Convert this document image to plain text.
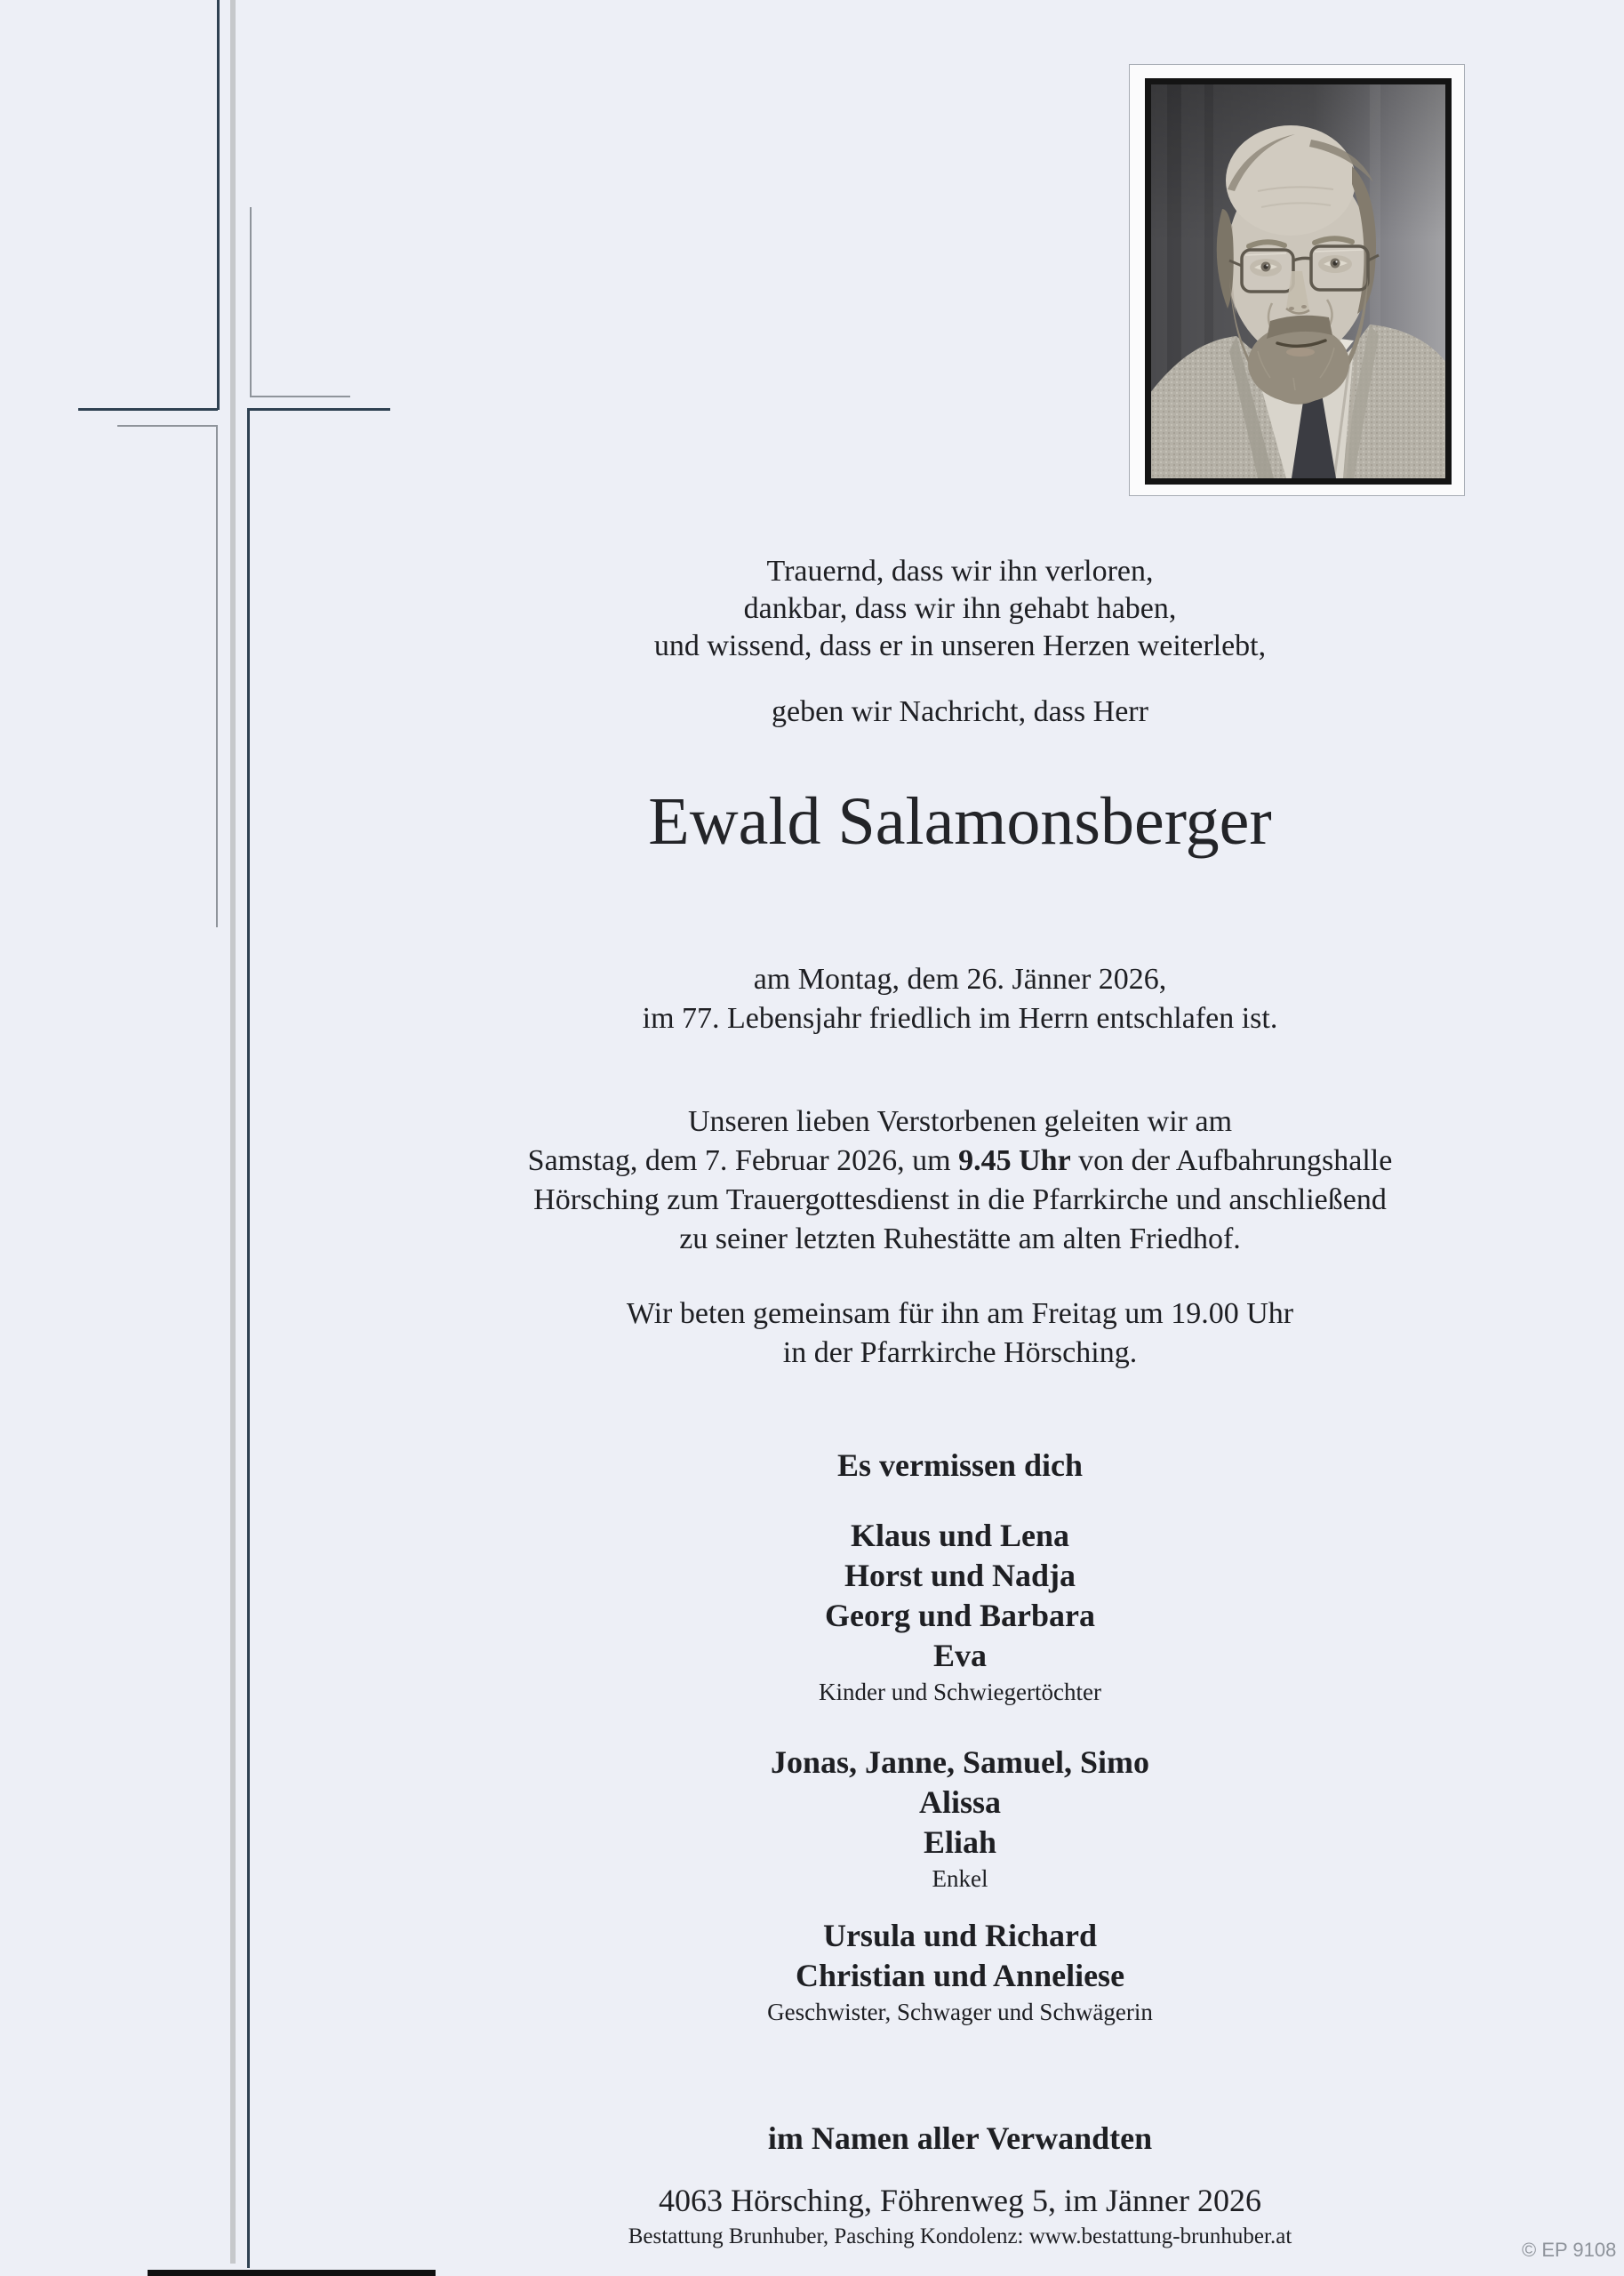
Trauernd, dass wir ihn verloren,
dankbar, dass wir ihn gehabt haben,
und wissend, dass er in unseren Herzen weiterlebt,
geben wir Nachricht, dass Herr
Ewald Salamonsberger
am Montag, dem 26. Jänner 2026,
im 77. Lebensjahr friedlich im Herrn entschlafen ist.
Unseren lieben Verstorbenen geleiten wir am
Samstag, dem 7. Februar 2026, um 9.45 Uhr von der Aufbahrungshalle
Hörsching zum Trauergottesdienst in die Pfarrkirche und anschließend
zu seiner letzten Ruhestätte am alten Friedhof.
Wir beten gemeinsam für ihn am Freitag um 19.00 Uhr
in der Pfarrkirche Hörsching.
Es vermissen dich
Klaus und Lena
Horst und Nadja
Georg und Barbara
Eva
Kinder und Schwiegertöchter
Jonas, Janne, Samuel, Simo
Alissa
Eliah
Enkel
Ursula und Richard
Christian und Anneliese
Geschwister, Schwager und Schwägerin
im Namen aller Verwandten
4063 Hörsching, Föhrenweg 5, im Jänner 2026
Bestattung Brunhuber, Pasching Kondolenz: www.bestattung-brunhuber.at
© EP 9108
